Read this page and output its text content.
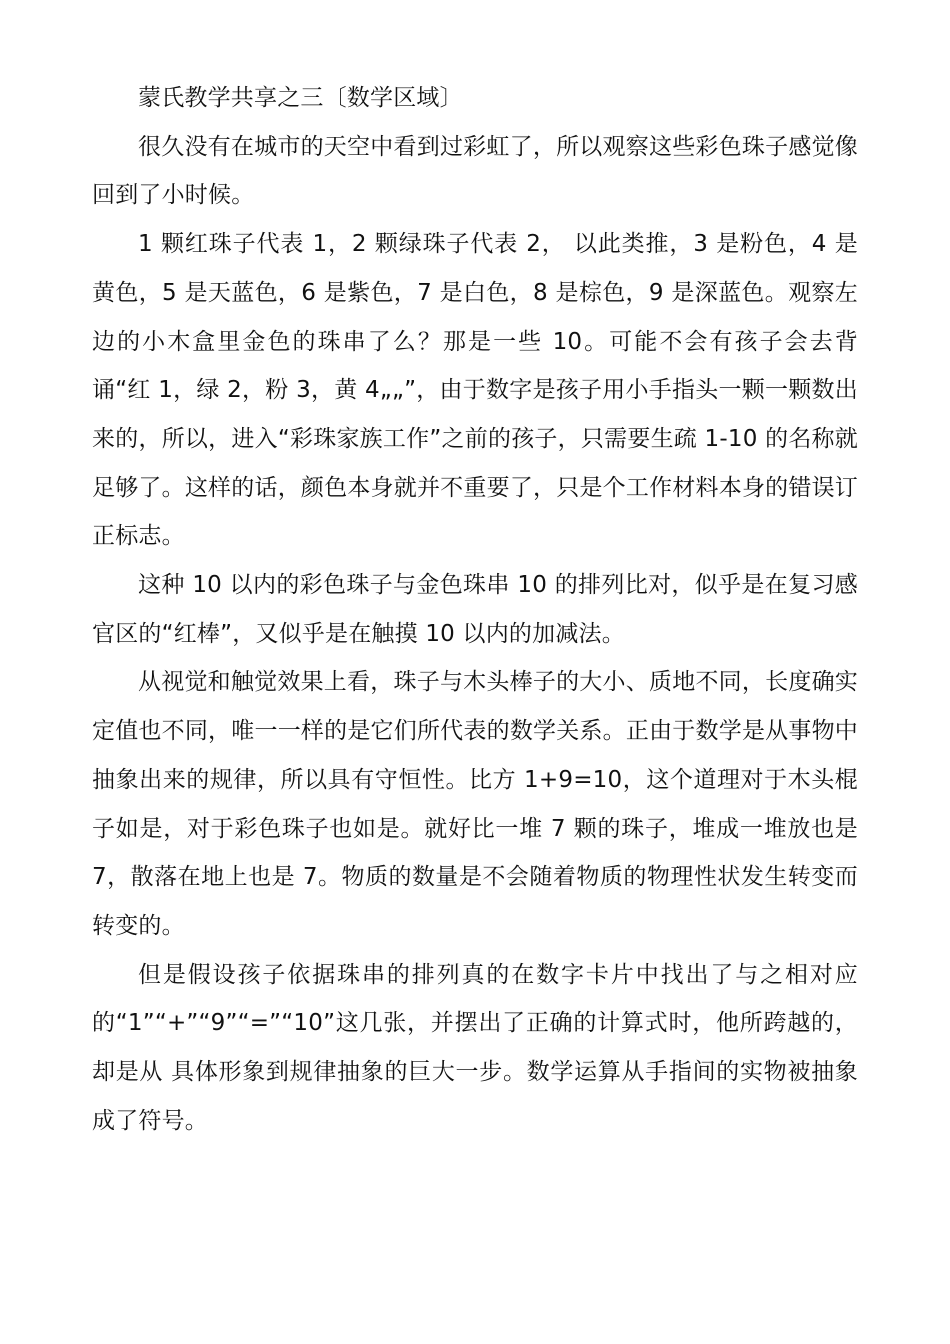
蒙氏教学共享之三〔数学区域〕

很久没有在城市的天空中看到过彩虹了，所以观察这些彩色珠子感觉像回到了小时候。

1 颗红珠子代表 1，2 颗绿珠子代表 2， 以此类推，3 是粉色，4 是黄色，5 是天蓝色，6 是紫色，7 是白色，8 是棕色，9 是深蓝色。观察左边的小木盒里金色的珠串了么？那是一些 10。可能不会有孩子会去背诵“红 1，绿 2，粉 3，黄 4„„”，由于数字是孩子用小手指头一颗一颗数出来的，所以，进入“彩珠家族工作”之前的孩子，只需要生疏 1-10 的名称就足够了。这样的话，颜色本身就并不重要了，只是个工作材料本身的错误订正标志。

这种 10 以内的彩色珠子与金色珠串 10 的排列比对，似乎是在复习感官区的“红棒”，又似乎是在触摸 10 以内的加减法。

从视觉和触觉效果上看，珠子与木头棒子的大小、质地不同，长度确实定值也不同，唯一一样的是它们所代表的数学关系。正由于数学是从事物中抽象出来的规律，所以具有守恒性。比方 1+9=10，这个道理对于木头棍子如是，对于彩色珠子也如是。就好比一堆 7 颗的珠子，堆成一堆放也是 7，散落在地上也是 7。物质的数量是不会随着物质的物理性状发生转变而转变的。

但是假设孩子依据珠串的排列真的在数字卡片中找出了与之相对应的“1”“+”“9”“=”“10”这几张，并摆出了正确的计算式时，他所跨越的，却是从 具体形象到规律抽象的巨大一步。数学运算从手指间的实物被抽象成了符号。
